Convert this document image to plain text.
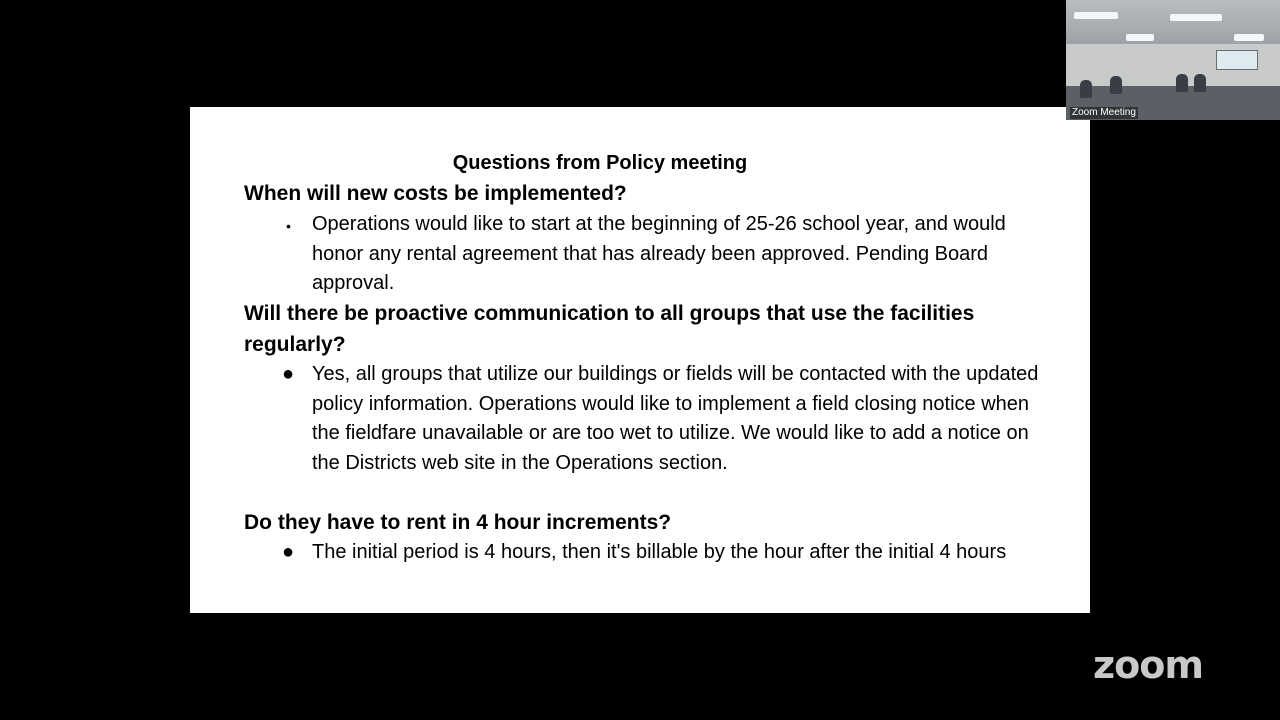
Questions from Policy meeting
When will new costs be implemented?
•	Operations would like to start at the beginning of 25-26 school year, and would honor any rental agreement that has already been approved. Pending Board approval.
Will there be proactive communication to all groups that use the facilities regularly?
● Yes, all groups that utilize our buildings or fields will be contacted with the updated policy information. Operations would like to implement a field closing notice when the fieldfare unavailable or are too wet to utilize. We would like to add a notice on the Districts web site in the Operations section.
Do they have to rent in 4 hour increments?
● The initial period is 4 hours, then it's billable by the hour after the initial 4 hours
Zoom Meeting
zoom
